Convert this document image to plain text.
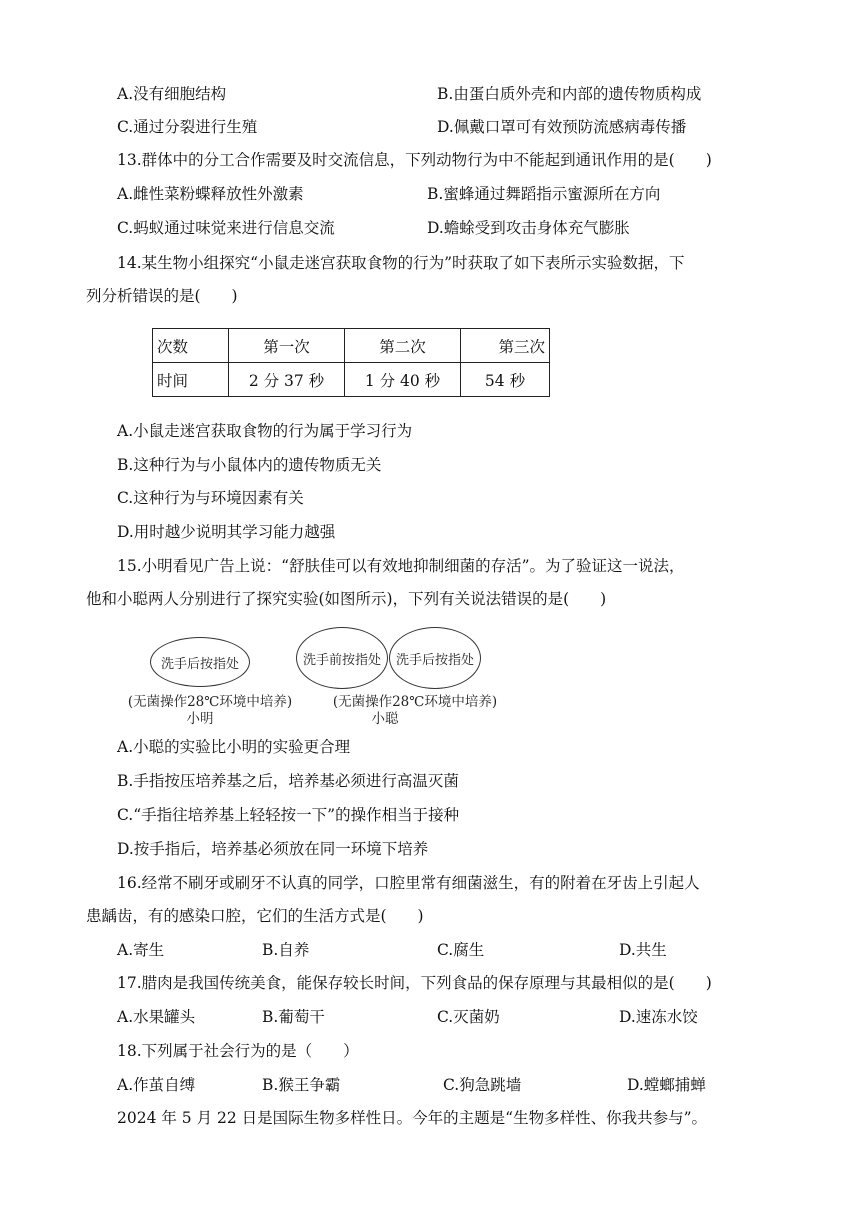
A.没有细胞结构	B.由蛋白质外壳和内部的遗传物质构成
C.通过分裂进行生殖	D.佩戴口罩可有效预防流感病毒传播
13.群体中的分工合作需要及时交流信息，下列动物行为中不能起到通讯作用的是(　　)
A.雌性菜粉蝶释放性外激素	B.蜜蜂通过舞蹈指示蜜源所在方向
C.蚂蚁通过味觉来进行信息交流	D.蟾蜍受到攻击身体充气膨胀
14.某生物小组探究“小鼠走迷宫获取食物的行为”时获取了如下表所示实验数据，下
列分析错误的是(　　)
次数	第一次	第二次	第三次
时间	2 分 37 秒	1 分 40 秒	54 秒
A.小鼠走迷宫获取食物的行为属于学习行为
B.这种行为与小鼠体内的遗传物质无关
C.这种行为与环境因素有关
D.用时越少说明其学习能力越强
15.小明看见广告上说：“舒肤佳可以有效地抑制细菌的存活”。为了验证这一说法，
他和小聪两人分别进行了探究实验(如图所示)，下列有关说法错误的是(　　)
洗手后按指处
(无菌操作28℃环境中培养)
小明
洗手前按指处 洗手后按指处
(无菌操作28℃环境中培养)
小聪
A.小聪的实验比小明的实验更合理
B.手指按压培养基之后，培养基必须进行高温灭菌
C.“手指往培养基上轻轻按一下”的操作相当于接种
D.按手指后，培养基必须放在同一环境下培养
16.经常不刷牙或刷牙不认真的同学，口腔里常有细菌滋生，有的附着在牙齿上引起人
患龋齿，有的感染口腔，它们的生活方式是(　　)
A.寄生	B.自养	C.腐生	D.共生
17.腊肉是我国传统美食，能保存较长时间，下列食品的保存原理与其最相似的是(　　)
A.水果罐头	B.葡萄干	C.灭菌奶	D.速冻水饺
18.下列属于社会行为的是（　　）
A.作茧自缚	B.猴王争霸	C.狗急跳墙	D.螳螂捕蝉
2024 年 5 月 22 日是国际生物多样性日。今年的主题是“生物多样性、你我共参与”。
